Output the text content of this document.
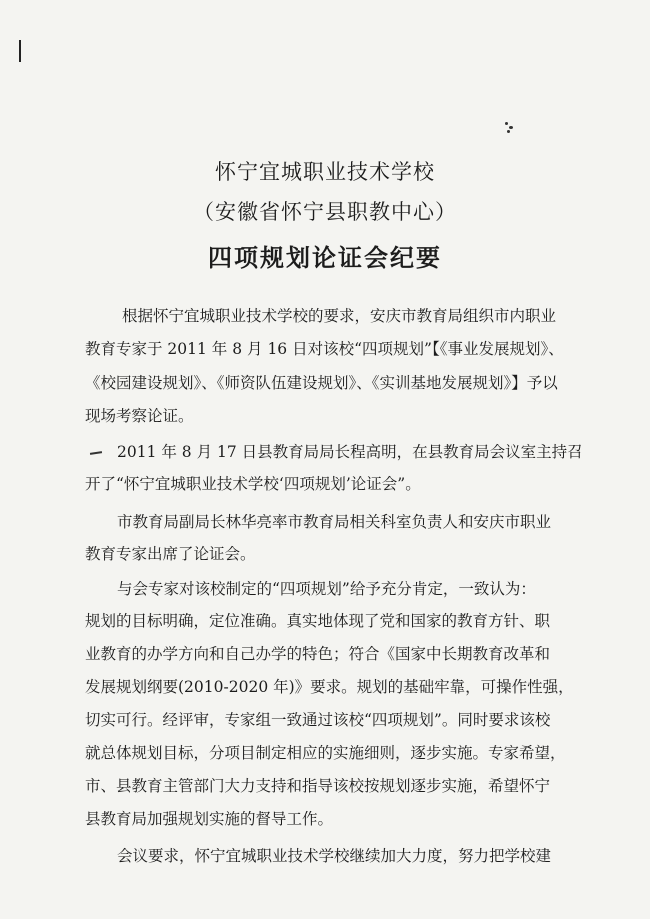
怀宁宜城职业技术学校
（安徽省怀宁县职教中心）
四项规划论证会纪要
根据怀宁宜城职业技术学校的要求，安庆市教育局组织市内职业
教育专家于 2011 年 8 月 16 日对该校“四项规划”【《事业发展规划》、
《校园建设规划》、《师资队伍建设规划》、《实训基地发展规划》】予以
现场考察论证。
2011 年 8 月 17 日县教育局局长程高明，在县教育局会议室主持召
开了“怀宁宜城职业技术学校‘四项规划’论证会”。
市教育局副局长林华亮率市教育局相关科室负责人和安庆市职业
教育专家出席了论证会。
与会专家对该校制定的“四项规划”给予充分肯定，一致认为：
规划的目标明确，定位准确。真实地体现了党和国家的教育方针、职
业教育的办学方向和自己办学的特色；符合《国家中长期教育改革和
发展规划纲要(2010-2020 年)》要求。规划的基础牢靠，可操作性强，
切实可行。经评审，专家组一致通过该校“四项规划”。同时要求该校
就总体规划目标，分项目制定相应的实施细则，逐步实施。专家希望，
市、县教育主管部门大力支持和指导该校按规划逐步实施，希望怀宁
县教育局加强规划实施的督导工作。
会议要求，怀宁宜城职业技术学校继续加大力度，努力把学校建
